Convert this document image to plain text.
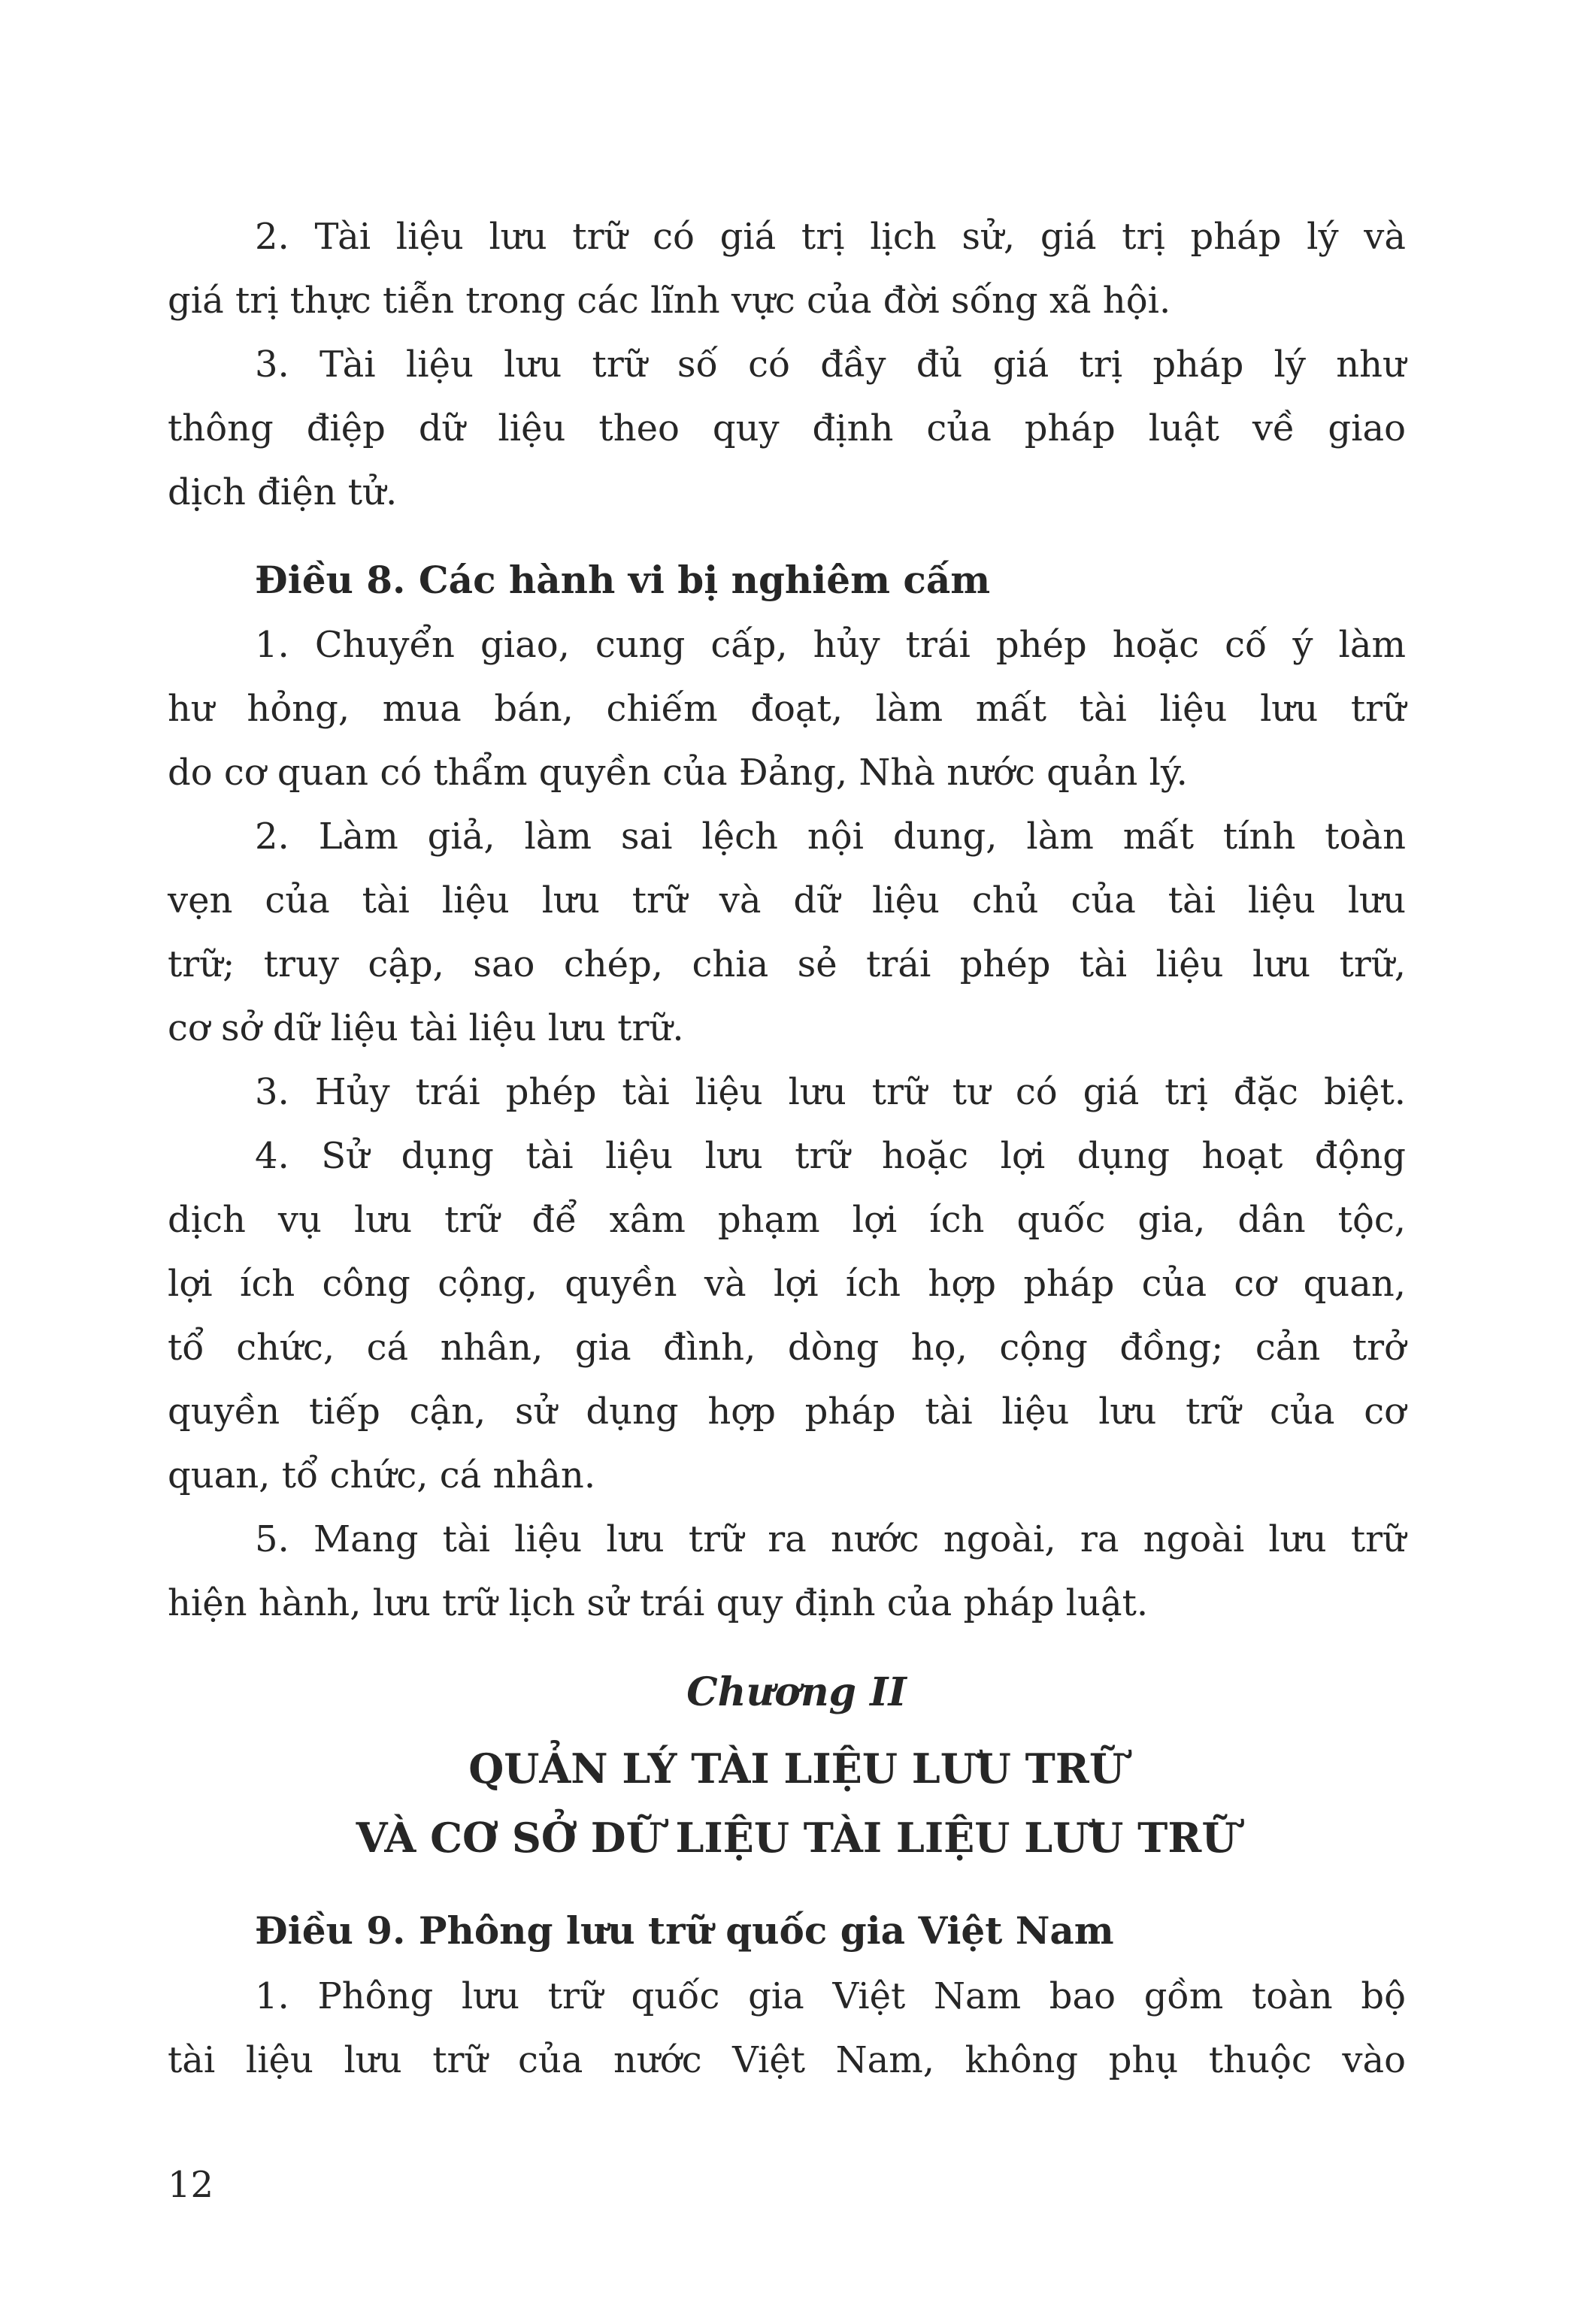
2. Tài liệu lưu trữ có giá trị lịch sử, giá trị pháp lý và
giá trị thực tiễn trong các lĩnh vực của đời sống xã hội.
3. Tài liệu lưu trữ số có đầy đủ giá trị pháp lý như
thông điệp dữ liệu theo quy định của pháp luật về giao
dịch điện tử.
Điều 8. Các hành vi bị nghiêm cấm
1. Chuyển giao, cung cấp, hủy trái phép hoặc cố ý làm
hư hỏng, mua bán, chiếm đoạt, làm mất tài liệu lưu trữ
do cơ quan có thẩm quyền của Đảng, Nhà nước quản lý.
2. Làm giả, làm sai lệch nội dung, làm mất tính toàn
vẹn của tài liệu lưu trữ và dữ liệu chủ của tài liệu lưu
trữ; truy cập, sao chép, chia sẻ trái phép tài liệu lưu trữ,
cơ sở dữ liệu tài liệu lưu trữ.
3. Hủy trái phép tài liệu lưu trữ tư có giá trị đặc biệt.
4. Sử dụng tài liệu lưu trữ hoặc lợi dụng hoạt động
dịch vụ lưu trữ để xâm phạm lợi ích quốc gia, dân tộc,
lợi ích công cộng, quyền và lợi ích hợp pháp của cơ quan,
tổ chức, cá nhân, gia đình, dòng họ, cộng đồng; cản trở
quyền tiếp cận, sử dụng hợp pháp tài liệu lưu trữ của cơ
quan, tổ chức, cá nhân.
5. Mang tài liệu lưu trữ ra nước ngoài, ra ngoài lưu trữ
hiện hành, lưu trữ lịch sử trái quy định của pháp luật.
Chương II
QUẢN LÝ TÀI LIỆU LƯU TRỮ
VÀ CƠ SỞ DỮ LIỆU TÀI LIỆU LƯU TRỮ
Điều 9. Phông lưu trữ quốc gia Việt Nam
1. Phông lưu trữ quốc gia Việt Nam bao gồm toàn bộ
tài liệu lưu trữ của nước Việt Nam, không phụ thuộc vào
12
